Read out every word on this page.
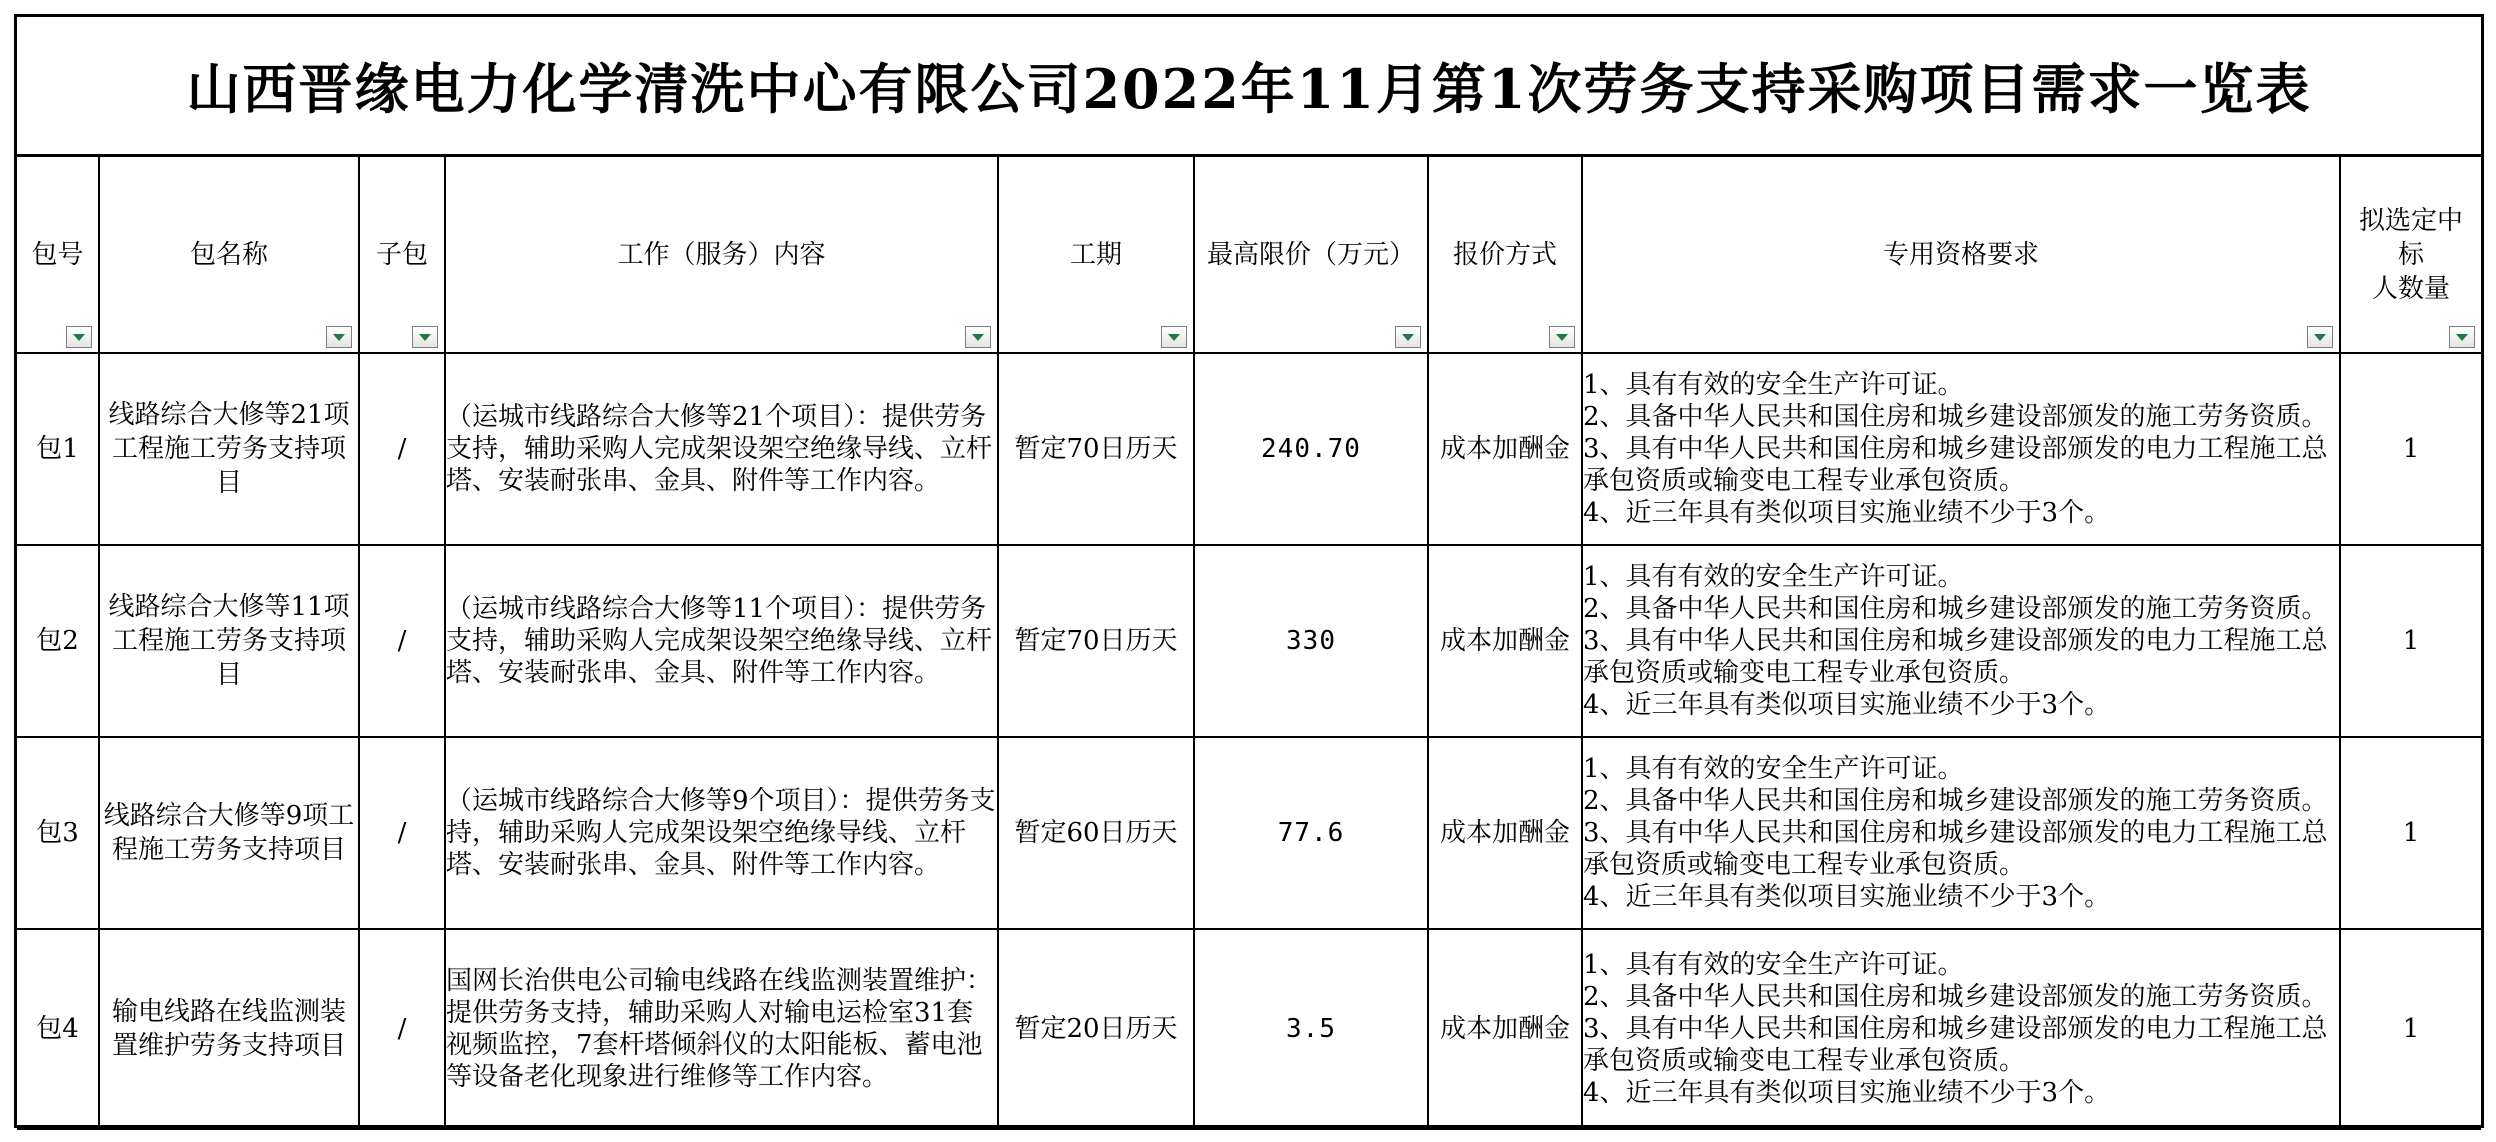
山西晋缘电力化学清洗中心有限公司2022年11月第1次劳务支持采购项目需求一览表
包号	包名称	子包	工作（服务）内容	工期	最高限价（万元）	报价方式	专用资格要求	拟选定中标
人数量

包1	线路综合大修等21项工程施工劳务支持项目	/	（运城市线路综合大修等21个项目）：提供劳务支持，辅助采购人完成架设架空绝缘导线、立杆塔、安装耐张串、金具、附件等工作内容。	暂定70日历天	240.70	成本加酬金	1、具有有效的安全生产许可证。
2、具备中华人民共和国住房和城乡建设部颁发的施工劳务资质。
3、具有中华人民共和国住房和城乡建设部颁发的电力工程施工总
承包资质或输变电工程专业承包资质。
4、近三年具有类似项目实施业绩不少于3个。	1
包2	线路综合大修等11项工程施工劳务支持项目	/	（运城市线路综合大修等11个项目）：提供劳务支持，辅助采购人完成架设架空绝缘导线、立杆塔、安装耐张串、金具、附件等工作内容。	暂定70日历天	330	成本加酬金	1、具有有效的安全生产许可证。
2、具备中华人民共和国住房和城乡建设部颁发的施工劳务资质。
3、具有中华人民共和国住房和城乡建设部颁发的电力工程施工总
承包资质或输变电工程专业承包资质。
4、近三年具有类似项目实施业绩不少于3个。	1
包3	线路综合大修等9项工程施工劳务支持项目	/	（运城市线路综合大修等9个项目）：提供劳务支持，辅助采购人完成架设架空绝缘导线、立杆塔、安装耐张串、金具、附件等工作内容。	暂定60日历天	77.6	成本加酬金	1、具有有效的安全生产许可证。
2、具备中华人民共和国住房和城乡建设部颁发的施工劳务资质。
3、具有中华人民共和国住房和城乡建设部颁发的电力工程施工总
承包资质或输变电工程专业承包资质。
4、近三年具有类似项目实施业绩不少于3个。	1
包4	输电线路在线监测装置维护劳务支持项目	/	国网长治供电公司输电线路在线监测装置维护：提供劳务支持，辅助采购人对输电运检室31套视频监控，7套杆塔倾斜仪的太阳能板、蓄电池等设备老化现象进行维修等工作内容。	暂定20日历天	3.5	成本加酬金	1、具有有效的安全生产许可证。
2、具备中华人民共和国住房和城乡建设部颁发的施工劳务资质。
3、具有中华人民共和国住房和城乡建设部颁发的电力工程施工总
承包资质或输变电工程专业承包资质。
4、近三年具有类似项目实施业绩不少于3个。	1
